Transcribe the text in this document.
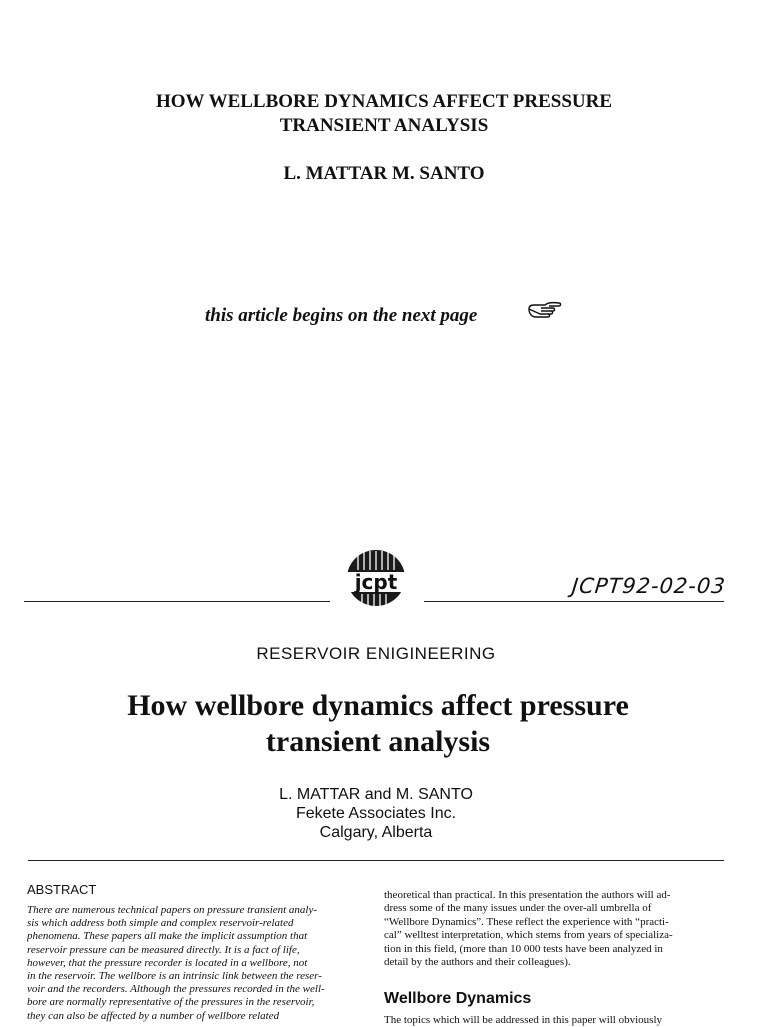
HOW WELLBORE DYNAMICS AFFECT PRESSURE
TRANSIENT ANALYSIS
L. MATTAR M. SANTO
this article begins on the next page
jcpt	JCPT92-02-03
RESERVOIR ENIGINEERING
How wellbore dynamics affect pressure
transient analysis
L. MATTAR and M. SANTO
Fekete Associates Inc.
Calgary, Alberta
ABSTRACT
There are numerous technical papers on pressure transient analy-
sis which address both simple and complex reservoir-related
phenomena. These papers all make the implicit assumption that
reservoir pressure can be measured directly. It is a fact of life,
however, that the pressure recorder is located in a wellbore, not
in the reservoir. The wellbore is an intrinsic link between the reser-
voir and the recorders. Although the pressures recorded in the well-
bore are normally representative of the pressures in the reservoir,
they can also be affected by a number of wellbore related
theoretical than practical. In this presentation the authors will ad-
dress some of the many issues under the over-all umbrella of
“Wellbore Dynamics”. These reflect the experience with “practi-
cal” welltest interpretation, which stems from years of specializa-
tion in this field, (more than 10 000 tests have been analyzed in
detail by the authors and their colleagues).
Wellbore Dynamics
The topics which will be addressed in this paper will obviously
